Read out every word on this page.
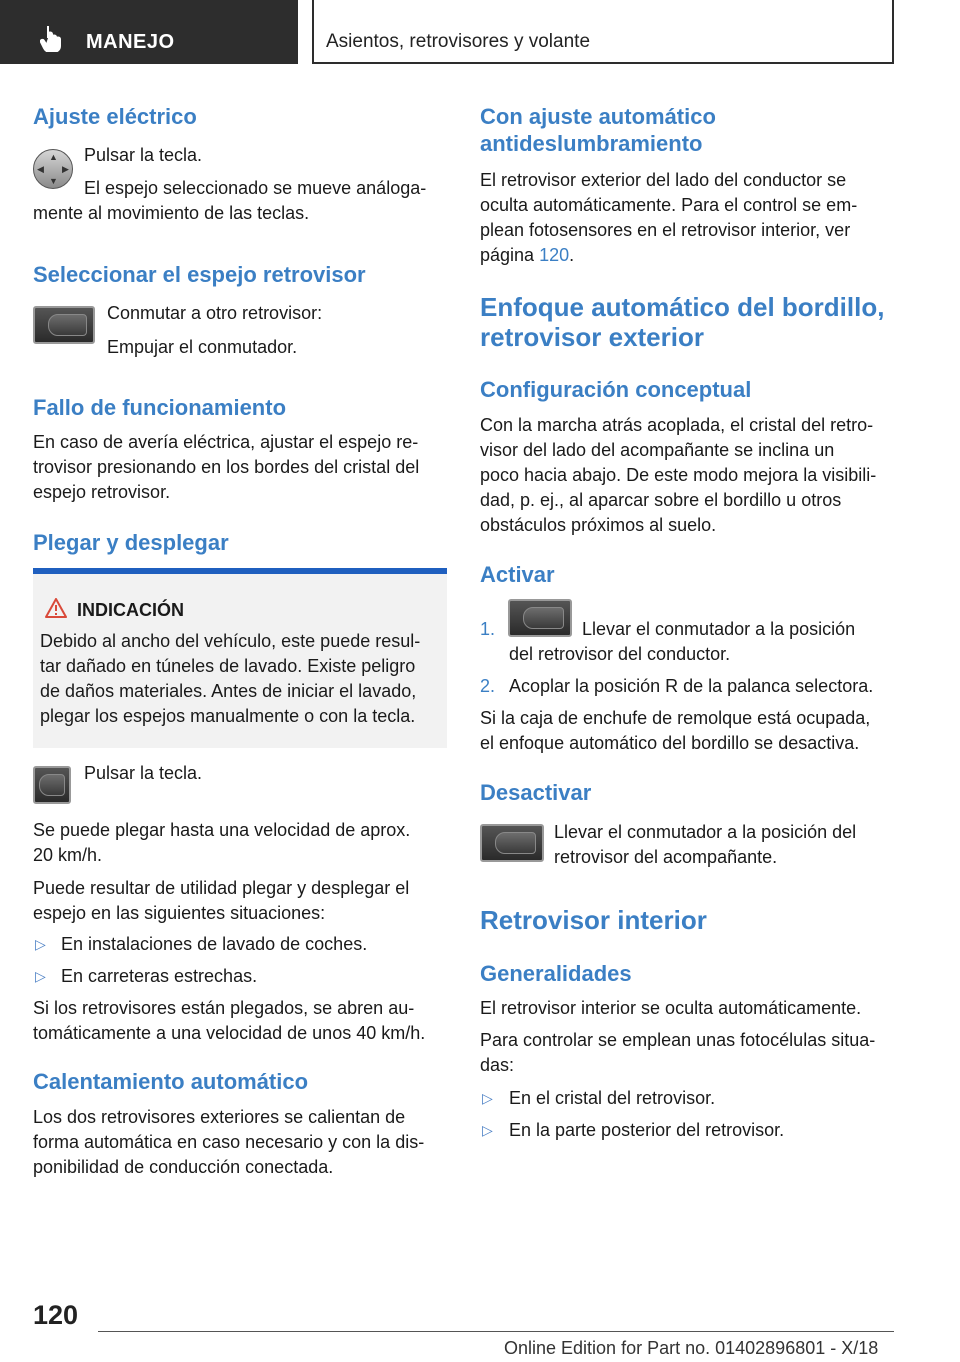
MANEJO	Asientos, retrovisores y volante
Ajuste eléctrico
▲
▼
◀ ▶

Pulsar la tecla.

El espejo seleccionado se mueve análoga-

mente al movimiento de las teclas.

Seleccionar el espejo retrovisor

Conmutar a otro retrovisor:

Empujar el conmutador.

Fallo de funcionamiento

En caso de avería eléctrica, ajustar el espejo re-

trovisor presionando en los bordes del cristal del

espejo retrovisor.

Plegar y desplegar
INDICACIÓN

Debido al ancho del vehículo, este puede resul-

tar dañado en túneles de lavado. Existe peligro

de daños materiales. Antes de iniciar el lavado,

plegar los espejos manualmente o con la tecla.

Pulsar la tecla.

Se puede plegar hasta una velocidad de aprox.

20 km/h.

Puede resultar de utilidad plegar y desplegar el

espejo en las siguientes situaciones:

▷ En instalaciones de lavado de coches.

▷ En carreteras estrechas.

Si los retrovisores están plegados, se abren au-

tomáticamente a una velocidad de unos 40 km/h.

Calentamiento automático

Los dos retrovisores exteriores se calientan de

forma automática en caso necesario y con la dis-

ponibilidad de conducción conectada.

Con ajuste automático
antideslumbramiento

El retrovisor exterior del lado del conductor se

oculta automáticamente. Para el control se em-

plean fotosensores en el retrovisor interior, ver

página 120.

Enfoque automático del bordillo,
retrovisor exterior
Configuración conceptual

Con la marcha atrás acoplada, el cristal del retro-

visor del lado del acompañante se inclina un

poco hacia abajo. De este modo mejora la visibili-

dad, p. ej., al aparcar sobre el bordillo u otros

obstáculos próximos al suelo.

Activar
1.	Llevar el conmutador a la posición

del retrovisor del conductor.

2. Acoplar la posición R de la palanca selectora.

Si la caja de enchufe de remolque está ocupada,

el enfoque automático del bordillo se desactiva.

Desactivar

Llevar el conmutador a la posición del

retrovisor del acompañante.

Retrovisor interior
Generalidades

El retrovisor interior se oculta automáticamente.

Para controlar se emplean unas fotocélulas situa-

das:

▷ En el cristal del retrovisor.

▷ En la parte posterior del retrovisor.

120
Online Edition for Part no. 01402896801 - X/18
